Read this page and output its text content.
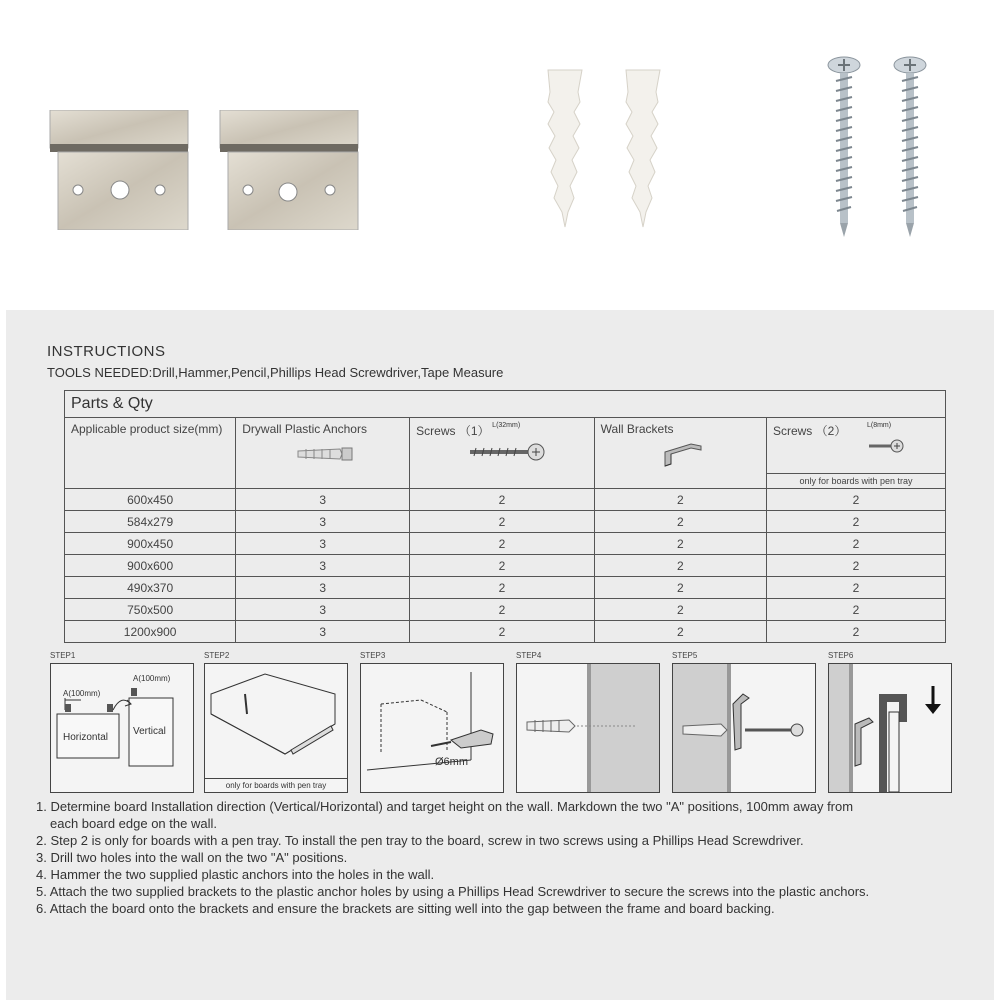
INSTRUCTIONS
TOOLS NEEDED:Drill,Hammer,Pencil,Phillips Head Screwdriver,Tape Measure
Parts & Qty				
Applicable product size(mm)	Drywall Plastic Anchors	Screws （1） L(32mm)	Wall Brackets	Screws （2） L(8mm)
only for boards with pen tray

600x450	3	2	2	2
584x279	3	2	2	2
900x450	3	2	2	2
900x600	3	2	2	2
490x370	3	2	2	2
750x500	3	2	2	2
1200x900	3	2	2	2
STEP1
A(100mm)
A(100mm)
Horizontal
Vertical
STEP2
only for boards with pen tray
STEP3
Ø6mm
STEP4	STEP5	STEP6
1. Determine board Installation direction (Vertical/Horizontal) and target height on the wall. Markdown the two "A" positions, 100mm away from
each board edge on the wall.
2. Step 2 is only for boards with a pen tray. To install the pen tray to the board, screw in two screws using a Phillips Head Screwdriver.
3. Drill two holes into the wall on the two "A" positions.
4. Hammer the two supplied plastic anchors into the holes in the wall.
5. Attach the two supplied brackets to the plastic anchor holes by using a Phillips Head Screwdriver to secure the screws into the plastic anchors.
6. Attach the board onto the brackets and ensure the brackets are sitting well into the gap between the frame and board backing.
